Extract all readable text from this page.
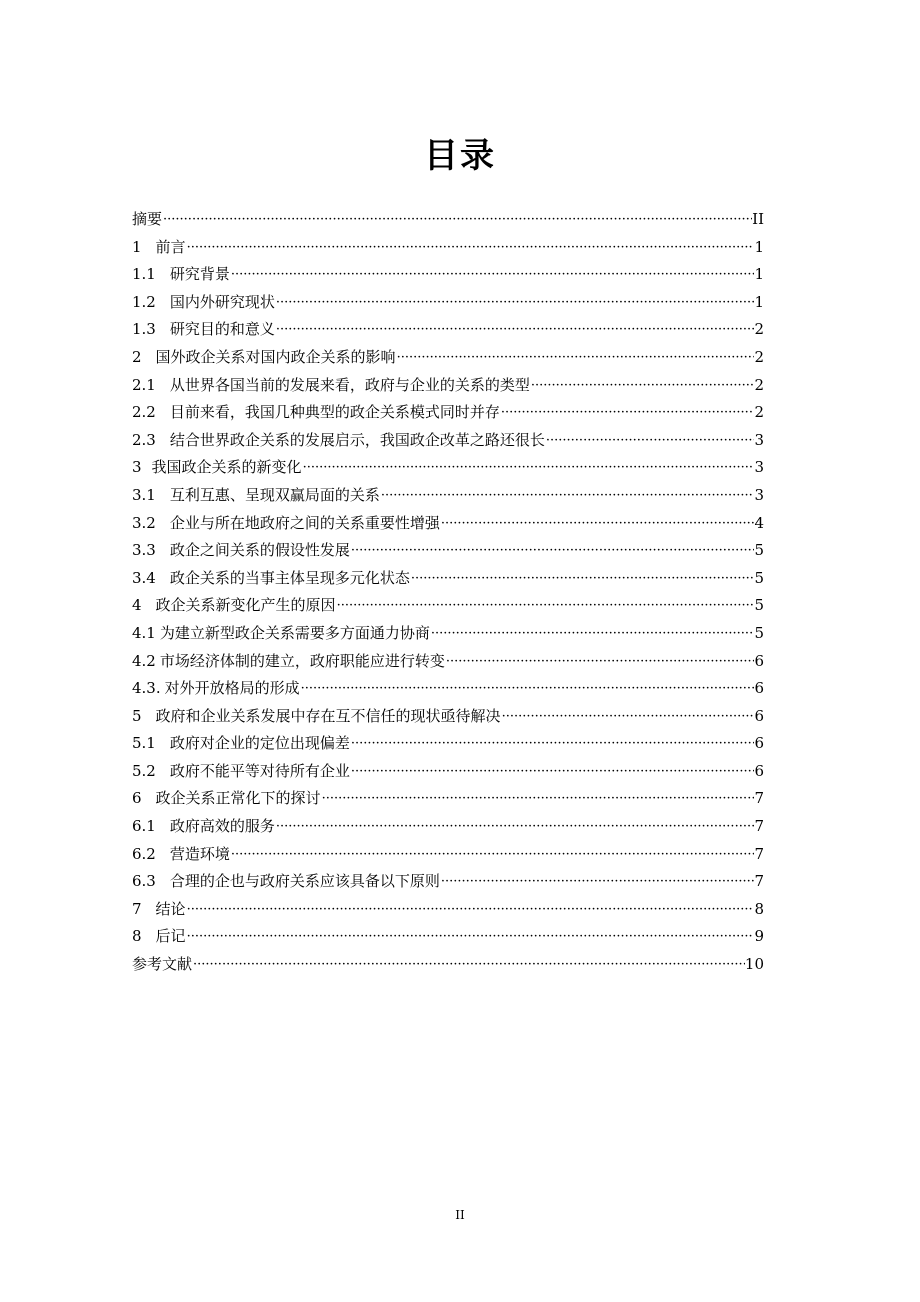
目录
摘要 ·····	II
1 前言 ·····	1
1.1 研究背景 ·····	1
1.2 国内外研究现状 ·····	1
1.3 研究目的和意义 ·····	2
2 国外政企关系对国内政企关系的影响 ·····	2
2.1 从世界各国当前的发展来看，政府与企业的关系的类型 ·····	2
2.2 目前来看，我国几种典型的政企关系模式同时并存 ·····	2
2.3 结合世界政企关系的发展启示，我国政企改革之路还很长 ·····	3
3 我国政企关系的新变化 ·····	3
3.1 互利互惠、呈现双赢局面的关系 ·····	3
3.2 企业与所在地政府之间的关系重要性增强 ·····	4
3.3 政企之间关系的假设性发展 ·····	5
3.4 政企关系的当事主体呈现多元化状态 ·····	5
4 政企关系新变化产生的原因 ·····	5
4.1 为建立新型政企关系需要多方面通力协商 ·····	5
4.2 市场经济体制的建立，政府职能应进行转变 ·····	6
4.3. 对外开放格局的形成 ·····	6
5 政府和企业关系发展中存在互不信任的现状亟待解决 ·····	6
5.1 政府对企业的定位出现偏差 ·····	6
5.2 政府不能平等对待所有企业 ·····	6
6 政企关系正常化下的探讨 ·····	7
6.1 政府高效的服务 ·····	7
6.2 营造环境 ·····	7
6.3 合理的企也与政府关系应该具备以下原则 ·····	7
7 结论 ·····	8
8 后记 ·····	9
参考文献 ·····	10
II
